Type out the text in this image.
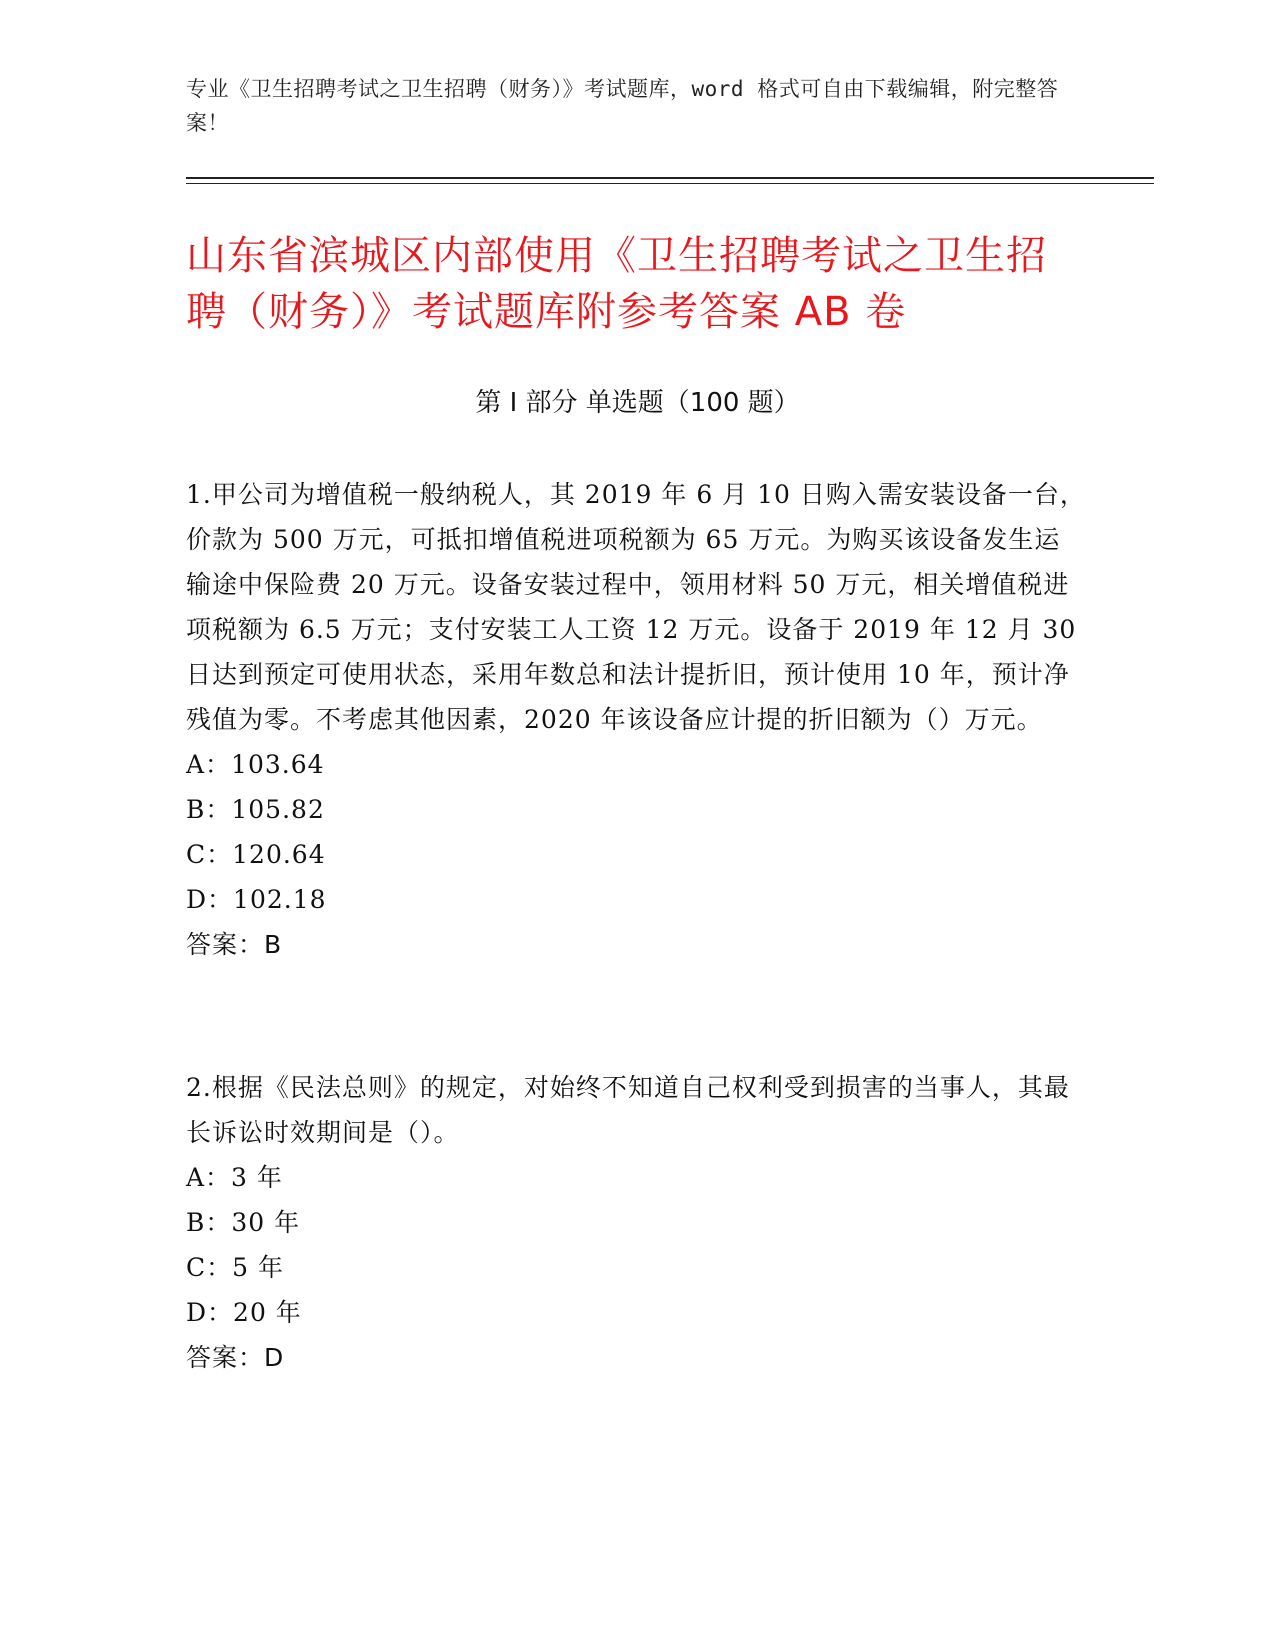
专业《卫生招聘考试之卫生招聘（财务）》考试题库，word 格式可自由下载编辑，附完整答案！
山东省滨城区内部使用《卫生招聘考试之卫生招聘（财务）》考试题库附参考答案 AB 卷
第 I 部分 单选题（100 题）

1.甲公司为增值税一般纳税人，其 2019 年 6 月 10 日购入需安装设备一台，价款为 500 万元，可抵扣增值税进项税额为 65 万元。为购买该设备发生运输途中保险费 20 万元。设备安装过程中，领用材料 50 万元，相关增值税进项税额为 6.5 万元；支付安装工人工资 12 万元。设备于 2019 年 12 月 30 日达到预定可使用状态，采用年数总和法计提折旧，预计使用 10 年，预计净残值为零。不考虑其他因素，2020 年该设备应计提的折旧额为（）万元。

A：103.64

B：105.82

C：120.64

D：102.18

答案：B

2.根据《民法总则》的规定，对始终不知道自己权利受到损害的当事人，其最长诉讼时效期间是（）。

A：3 年

B：30 年

C：5 年

D：20 年

答案：D
